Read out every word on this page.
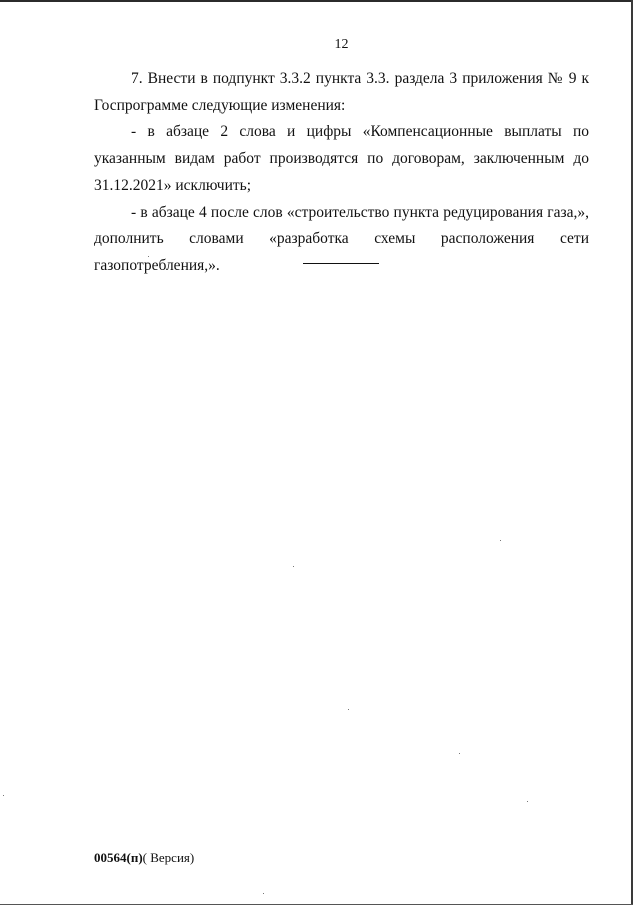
12

7. Внести в подпункт 3.3.2 пункта 3.3. раздела 3 приложения № 9 к Госпрограмме следующие изменения:

- в абзаце 2 слова и цифры «Компенсационные выплаты по указанным видам работ производятся по договорам, заключенным до 31.12.2021» исключить;

- в абзаце 4 после слов «строительство пункта редуцирования газа,», дополнить словами «разработка схемы расположения сети газопотребления,».

00564(п)( Версия)
